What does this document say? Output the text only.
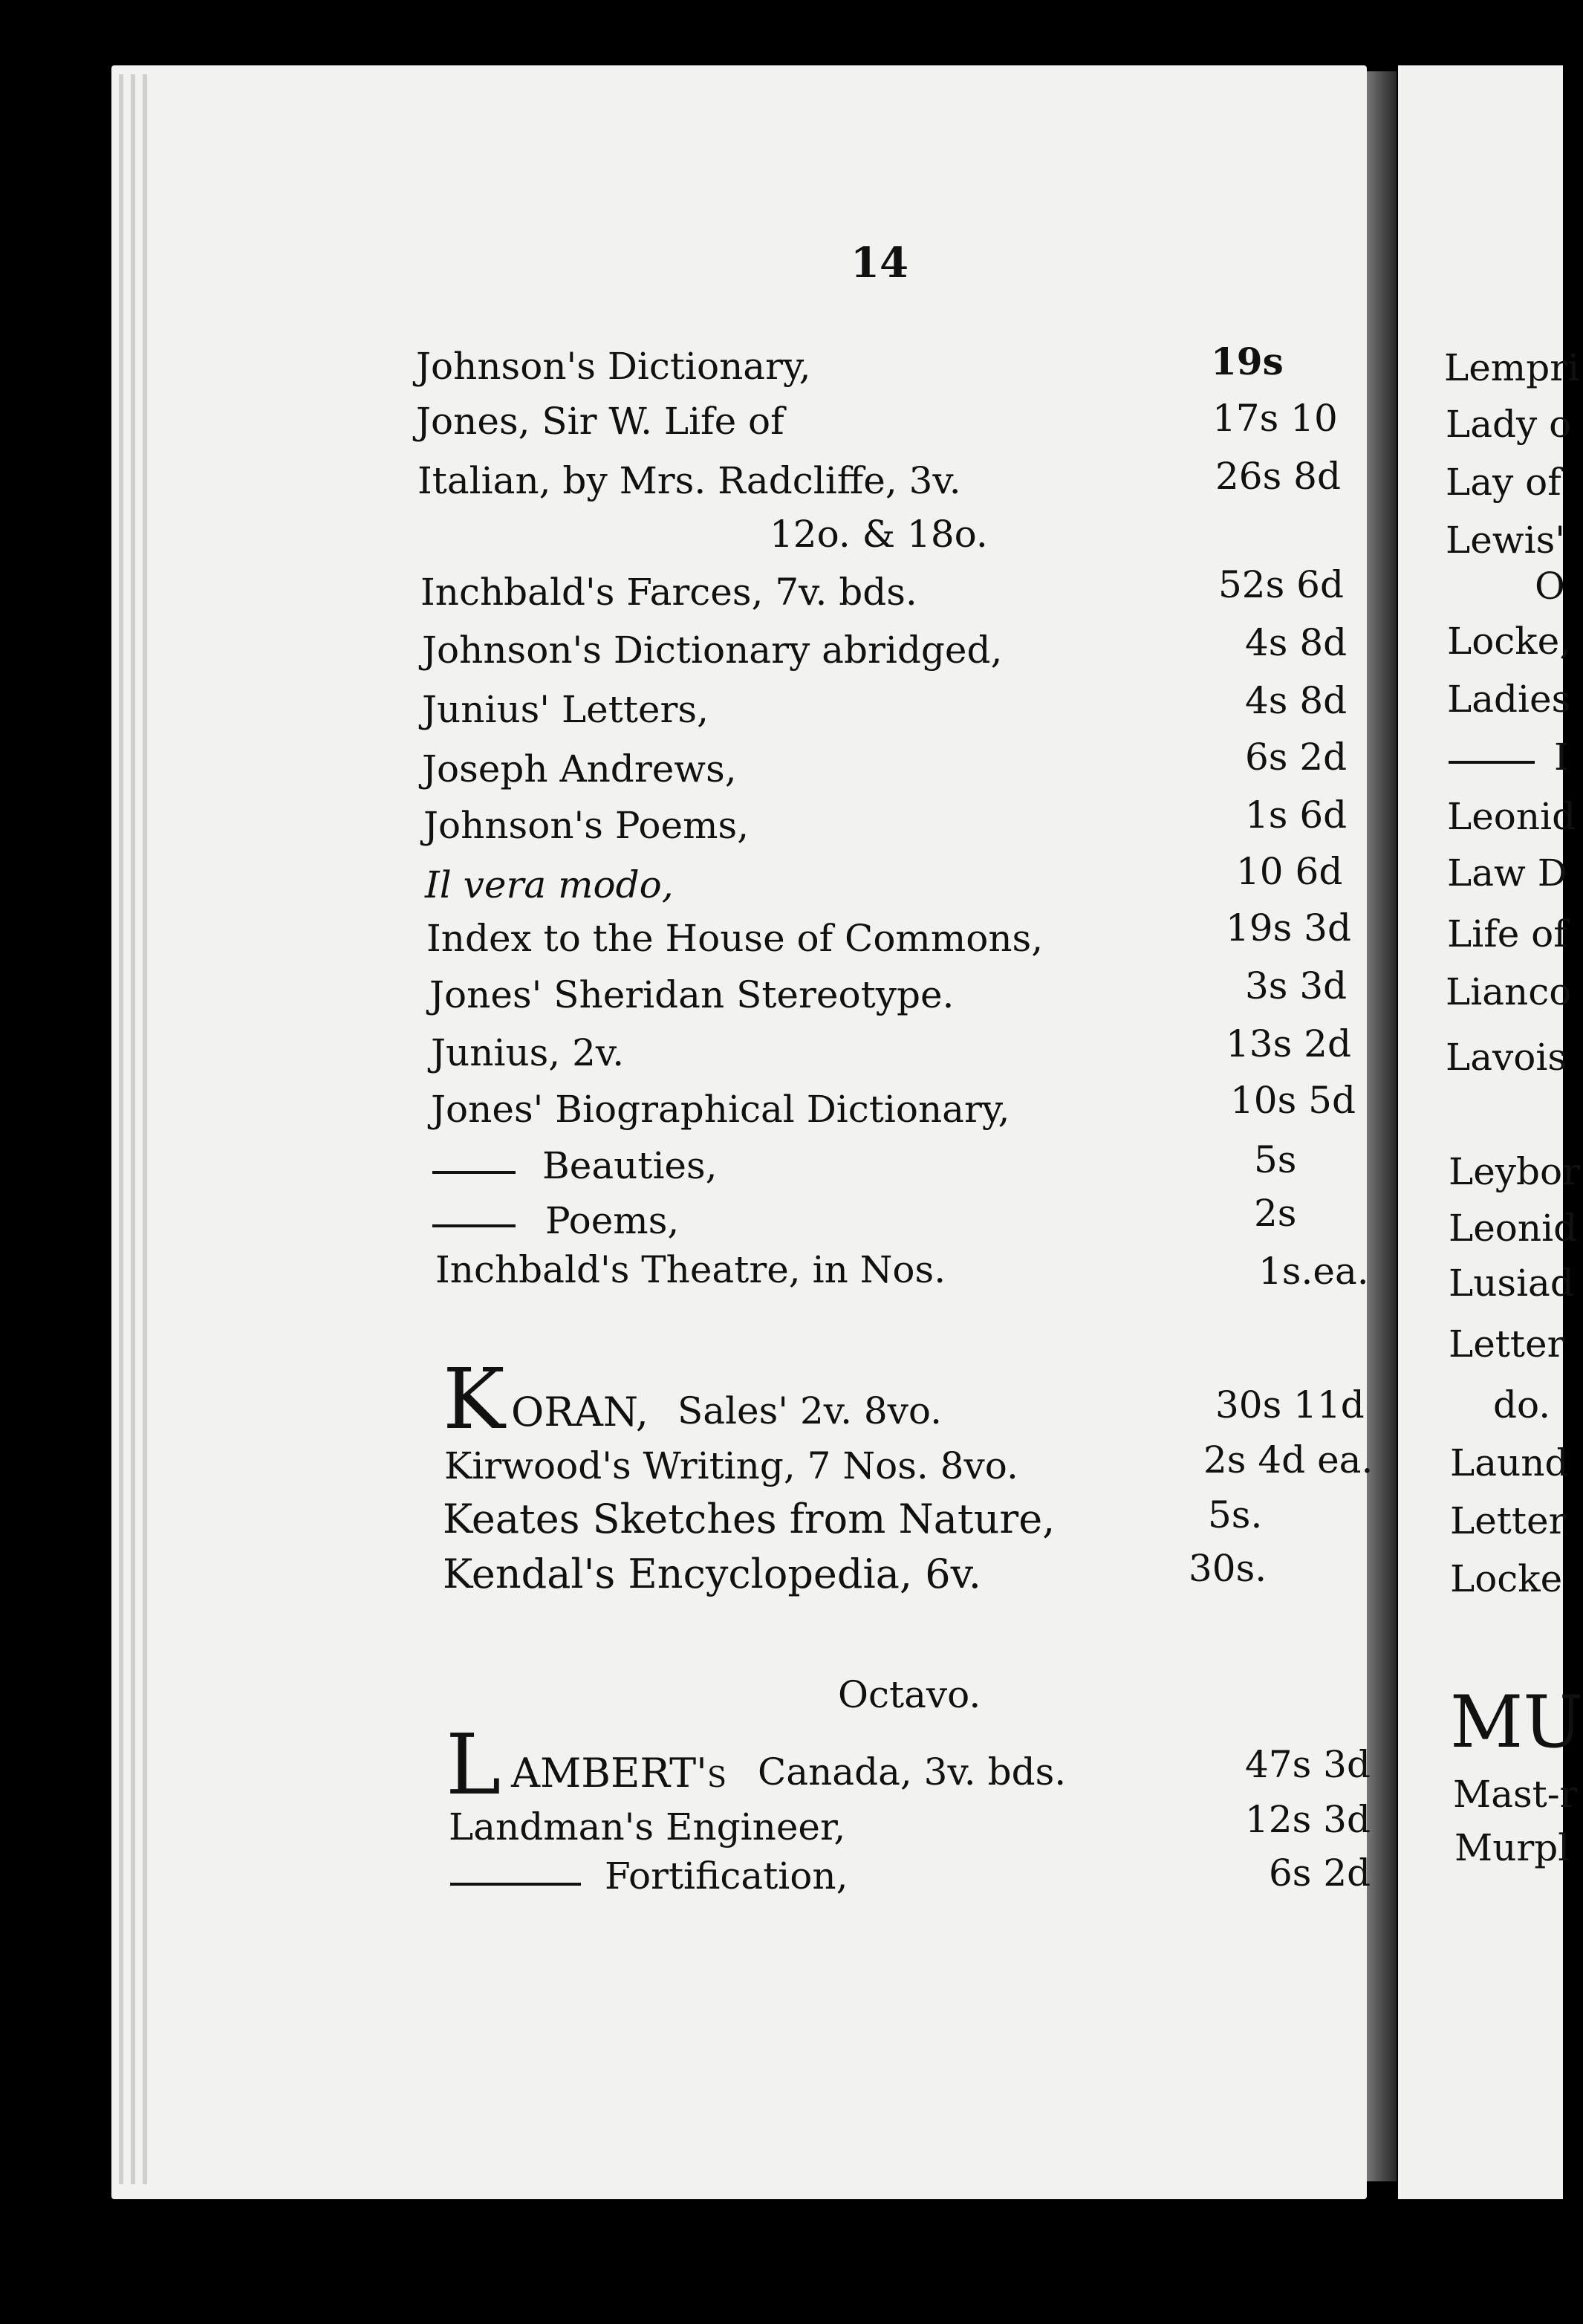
14
Johnson's Dictionary,	19s
Jones, Sir W. Life of	17s 10
Italian, by Mrs. Radcliffe, 3v.	26s 8d
12o. & 18o.
Inchbald's Farces, 7v. bds.	52s 6d
Johnson's Dictionary abridged,	4s 8d
Junius' Letters,	4s 8d
Joseph Andrews,	6s 2d
Johnson's Poems,	1s 6d
Il vera modo,	10 6d
Index to the House of Commons,	19s 3d
Jones' Sheridan Stereotype.	3s 3d
Junius, 2v.	13s 2d
Jones' Biographical Dictionary,	10s 5d
Beauties,	5s
Poems,	2s
Inchbald's Theatre, in Nos.	1s.ea.
K ORAN, Sales' 2v. 8vo.	30s 11d
Kirwood's Writing, 7 Nos. 8vo.	2s 4d ea.
Keates Sketches from Nature,	5s.
Kendal's Encyclopedia, 6v.	30s.
Octavo.
L AMBERT's Canada, 3v. bds.	47s 3d
Landman's Engineer,	12s 3d
Fortification,	6s 2d
Lempri
Lady o
Lay of
Lewis'
O
Locke,
Ladies
I
Leonid
Law D
Life of
Lianco
Lavois
Leybor
Leonid
Lusiad
Letter
do.
Laund
Letter
Locke
MU
Mast-r
Murpl
